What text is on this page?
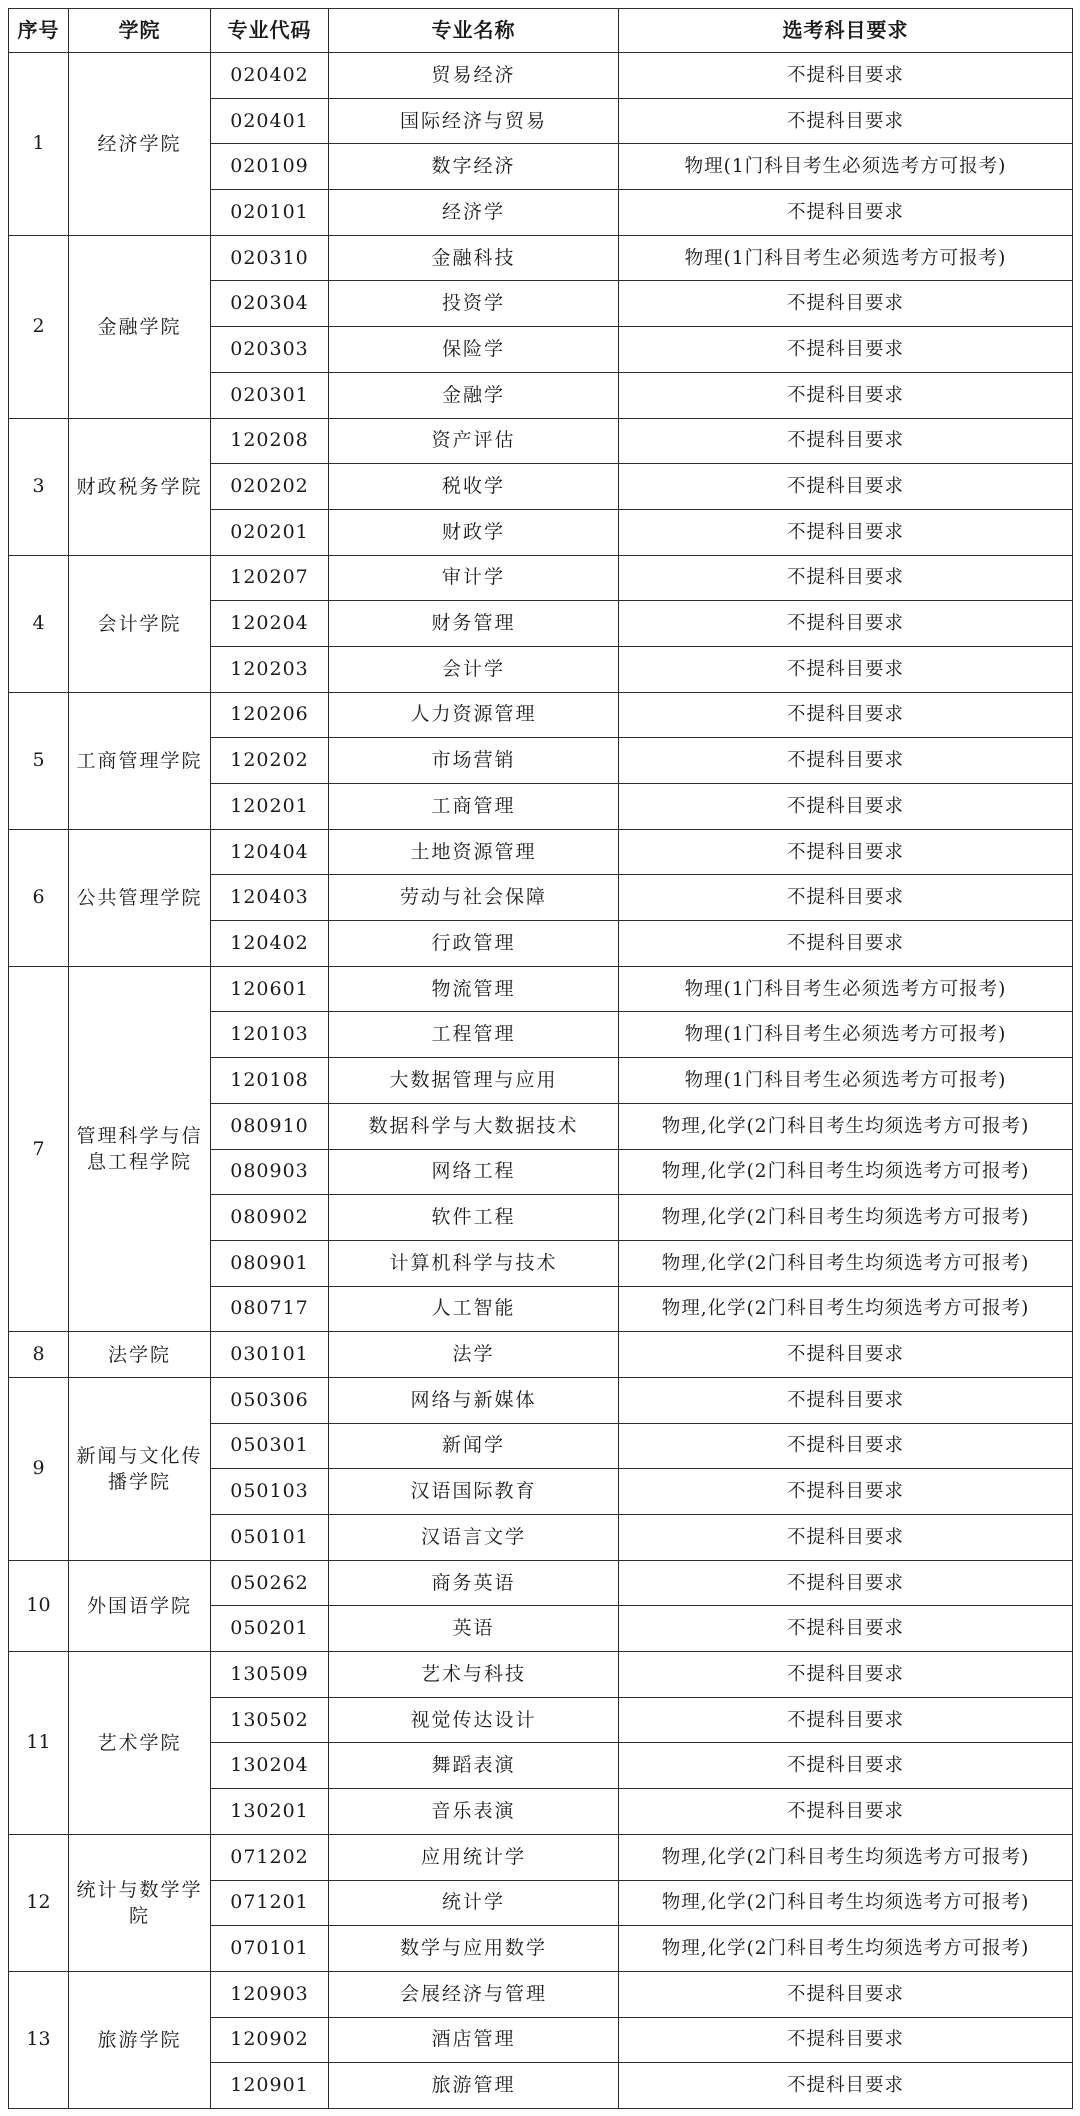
序号	学院	专业代码	专业名称	选考科目要求
1	经济学院	020402	贸易经济	不提科目要求
		020401	国际经济与贸易	不提科目要求
		020109	数字经济	物理(1门科目考生必须选考方可报考)
		020101	经济学	不提科目要求
2	金融学院	020310	金融科技	物理(1门科目考生必须选考方可报考)
		020304	投资学	不提科目要求
		020303	保险学	不提科目要求
		020301	金融学	不提科目要求
3	财政税务学院	120208	资产评估	不提科目要求
		020202	税收学	不提科目要求
		020201	财政学	不提科目要求
4	会计学院	120207	审计学	不提科目要求
		120204	财务管理	不提科目要求
		120203	会计学	不提科目要求
5	工商管理学院	120206	人力资源管理	不提科目要求
		120202	市场营销	不提科目要求
		120201	工商管理	不提科目要求
6	公共管理学院	120404	土地资源管理	不提科目要求
		120403	劳动与社会保障	不提科目要求
		120402	行政管理	不提科目要求
7	管理科学与信息工程学院	120601	物流管理	物理(1门科目考生必须选考方可报考)
		120103	工程管理	物理(1门科目考生必须选考方可报考)
		120108	大数据管理与应用	物理(1门科目考生必须选考方可报考)
		080910	数据科学与大数据技术	物理,化学(2门科目考生均须选考方可报考)
		080903	网络工程	物理,化学(2门科目考生均须选考方可报考)
		080902	软件工程	物理,化学(2门科目考生均须选考方可报考)
		080901	计算机科学与技术	物理,化学(2门科目考生均须选考方可报考)
		080717	人工智能	物理,化学(2门科目考生均须选考方可报考)
8	法学院	030101	法学	不提科目要求
9	新闻与文化传播学院	050306	网络与新媒体	不提科目要求
		050301	新闻学	不提科目要求
		050103	汉语国际教育	不提科目要求
		050101	汉语言文学	不提科目要求
10	外国语学院	050262	商务英语	不提科目要求
		050201	英语	不提科目要求
11	艺术学院	130509	艺术与科技	不提科目要求
		130502	视觉传达设计	不提科目要求
		130204	舞蹈表演	不提科目要求
		130201	音乐表演	不提科目要求
12	统计与数学学院	071202	应用统计学	物理,化学(2门科目考生均须选考方可报考)
		071201	统计学	物理,化学(2门科目考生均须选考方可报考)
		070101	数学与应用数学	物理,化学(2门科目考生均须选考方可报考)
13	旅游学院	120903	会展经济与管理	不提科目要求
		120902	酒店管理	不提科目要求
		120901	旅游管理	不提科目要求
